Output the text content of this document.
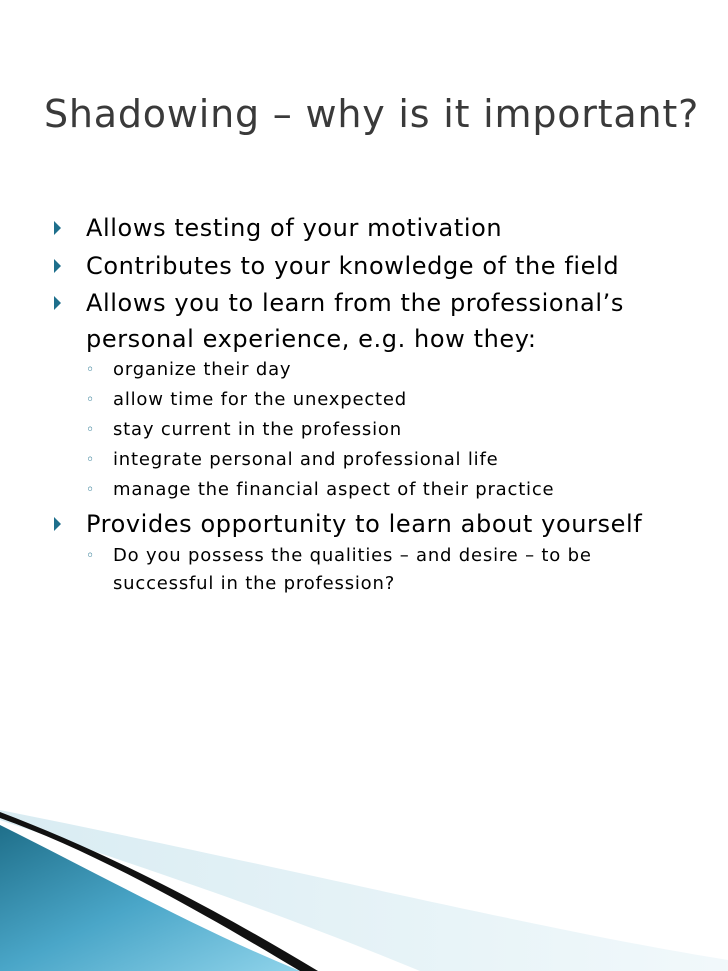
Shadowing – why is it important?
Allows testing of your motivation
Contributes to your knowledge of the field
Allows you to learn from the professional’s personal experience, e.g. how they:
◦ organize their day
◦ allow time for the unexpected
◦ stay current in the profession
◦ integrate personal and professional life
◦ manage the financial aspect of their practice
Provides opportunity to learn about yourself
◦ Do you possess the qualities – and desire – to be successful in the profession?
